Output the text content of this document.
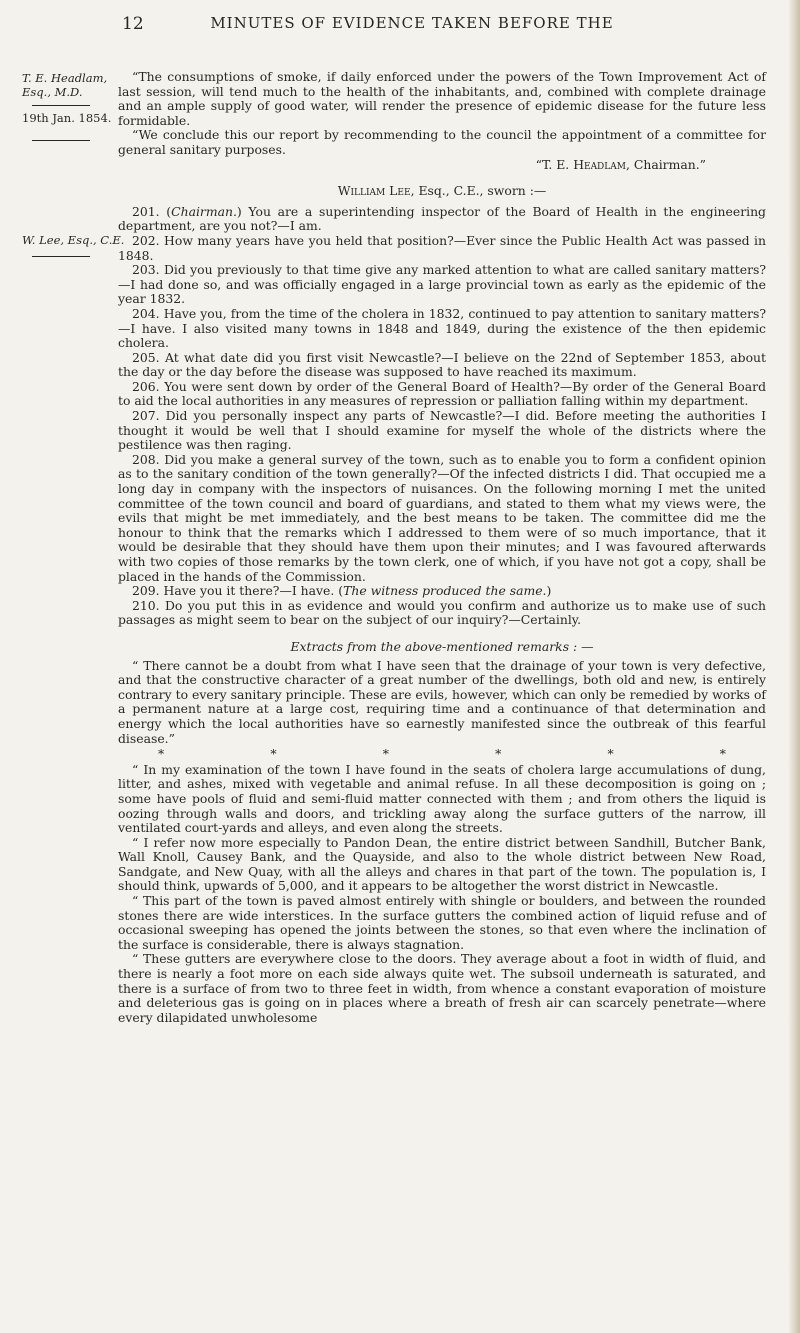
12	MINUTES OF EVIDENCE TAKEN BEFORE THE
T. E. Headlam,
Esq., M.D.
19th Jan. 1854.
W. Lee, Esq., C.E.

“The consumptions of smoke, if daily enforced under the powers of the Town Improvement Act of last session, will tend much to the health of the inhabitants, and, combined with complete drainage and an ample supply of good water, will render the presence of epidemic disease for the future less formidable.

“We conclude this our report by recommending to the council the appointment of a committee for general sanitary purposes.

“T. E. Headlam, Chairman.”

William Lee, Esq., C.E., sworn :—

201. (Chairman.) You are a superintending inspector of the Board of Health in the engineering department, are you not?—I am.

202. How many years have you held that position?—Ever since the Public Health Act was passed in 1848.

203. Did you previously to that time give any marked attention to what are called sanitary matters?—I had done so, and was officially engaged in a large provincial town as early as the epidemic of the year 1832.

204. Have you, from the time of the cholera in 1832, continued to pay attention to sanitary matters?—I have. I also visited many towns in 1848 and 1849, during the existence of the then epidemic cholera.

205. At what date did you first visit Newcastle?—I believe on the 22nd of September 1853, about the day or the day before the disease was supposed to have reached its maximum.

206. You were sent down by order of the General Board of Health?—By order of the General Board to aid the local authorities in any measures of repression or palliation falling within my department.

207. Did you personally inspect any parts of Newcastle?—I did. Before meeting the authorities I thought it would be well that I should examine for myself the whole of the districts where the pestilence was then raging.

208. Did you make a general survey of the town, such as to enable you to form a confident opinion as to the sanitary condition of the town generally?—Of the infected districts I did. That occupied me a long day in company with the inspectors of nuisances. On the following morning I met the united committee of the town council and board of guardians, and stated to them what my views were, the evils that might be met immediately, and the best means to be taken. The committee did me the honour to think that the remarks which I addressed to them were of so much importance, that it would be desirable that they should have them upon their minutes; and I was favoured afterwards with two copies of those remarks by the town clerk, one of which, if you have not got a copy, shall be placed in the hands of the Commission.

209. Have you it there?—I have. (The witness produced the same.)

210. Do you put this in as evidence and would you confirm and authorize us to make use of such passages as might seem to bear on the subject of our inquiry?—Certainly.

Extracts from the above-mentioned remarks : —

“ There cannot be a doubt from what I have seen that the drainage of your town is very defective, and that the constructive character of a great number of the dwellings, both old and new, is entirely contrary to every sanitary principle. These are evils, however, which can only be remedied by works of a permanent nature at a large cost, requiring time and a continuance of that determination and energy which the local authorities have so earnestly manifested since the outbreak of this fearful disease.”

*	*	*	*	*	*

“ In my examination of the town I have found in the seats of cholera large accumulations of dung, litter, and ashes, mixed with vegetable and animal refuse. In all these decomposition is going on ; some have pools of fluid and semi-fluid matter connected with them ; and from others the liquid is oozing through walls and doors, and trickling away along the surface gutters of the narrow, ill ventilated court-yards and alleys, and even along the streets.

“ I refer now more especially to Pandon Dean, the entire district between Sandhill, Butcher Bank, Wall Knoll, Causey Bank, and the Quayside, and also to the whole district between New Road, Sandgate, and New Quay, with all the alleys and chares in that part of the town. The population is, I should think, upwards of 5,000, and it appears to be altogether the worst district in Newcastle.

“ This part of the town is paved almost entirely with shingle or boulders, and between the rounded stones there are wide interstices. In the surface gutters the combined action of liquid refuse and of occasional sweeping has opened the joints between the stones, so that even where the inclination of the surface is considerable, there is always stagnation.

“ These gutters are everywhere close to the doors. They average about a foot in width of fluid, and there is nearly a foot more on each side always quite wet. The subsoil underneath is saturated, and there is a surface of from two to three feet in width, from whence a constant evaporation of moisture and deleterious gas is going on in places where a breath of fresh air can scarcely penetrate—where every dilapidated unwholesome
